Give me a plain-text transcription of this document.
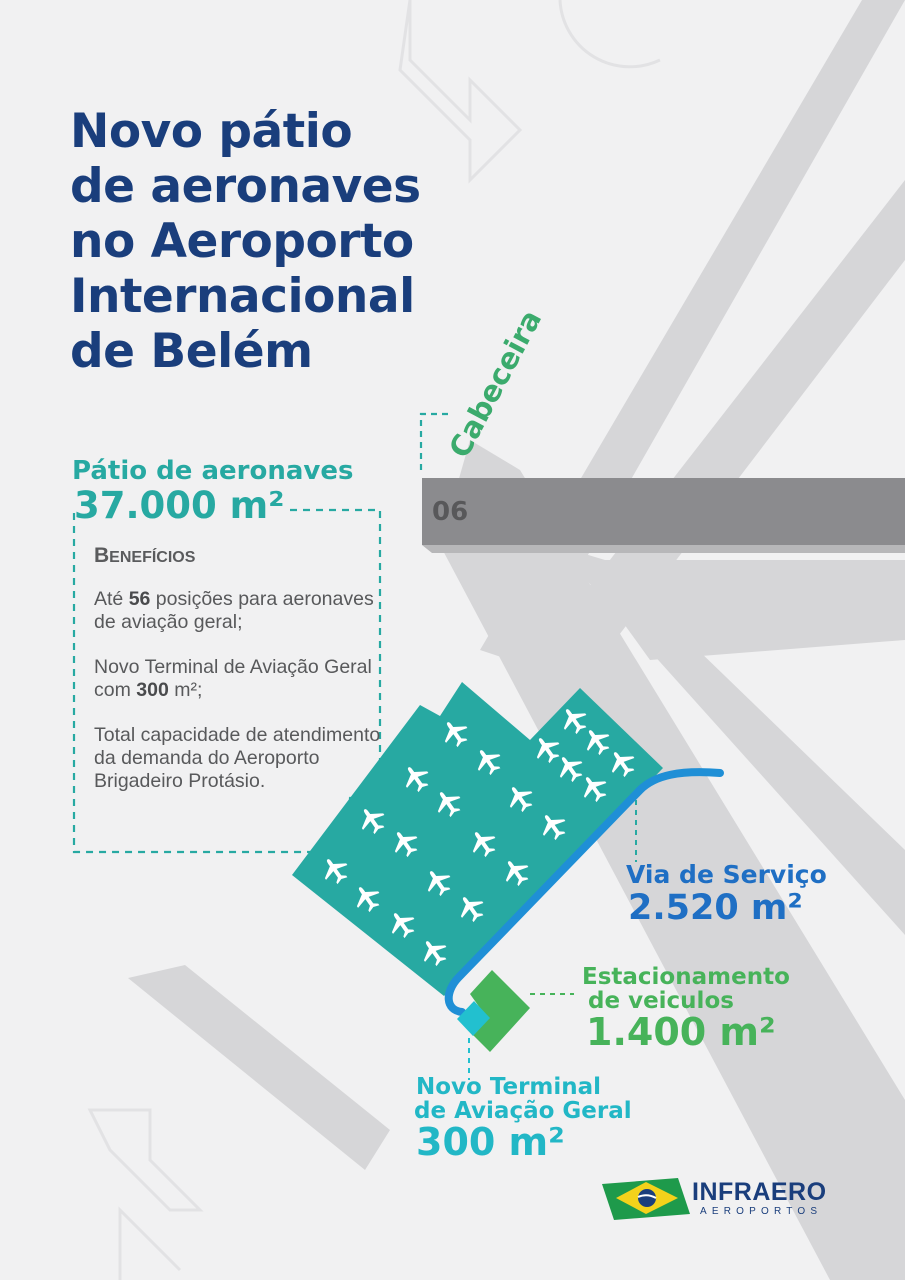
06
Cabeceira
Novo pátio
de aeronaves
no Aeroporto
Internacional
de Belém
Pátio de aeronaves
37.000 m²
BENEFÍCIOS

Até 56 posições para aeronaves de aviação geral;

Novo Terminal de Aviação Geral com 300 m²;

Total capacidade de atendimento da demanda do Aeroporto Brigadeiro Protásio.

Via de Serviço
2.520 m²
Estacionamento
de veiculos
1.400 m²
Novo Terminal
de Aviação Geral
300 m²
INFRAERO
AEROPORTOS
